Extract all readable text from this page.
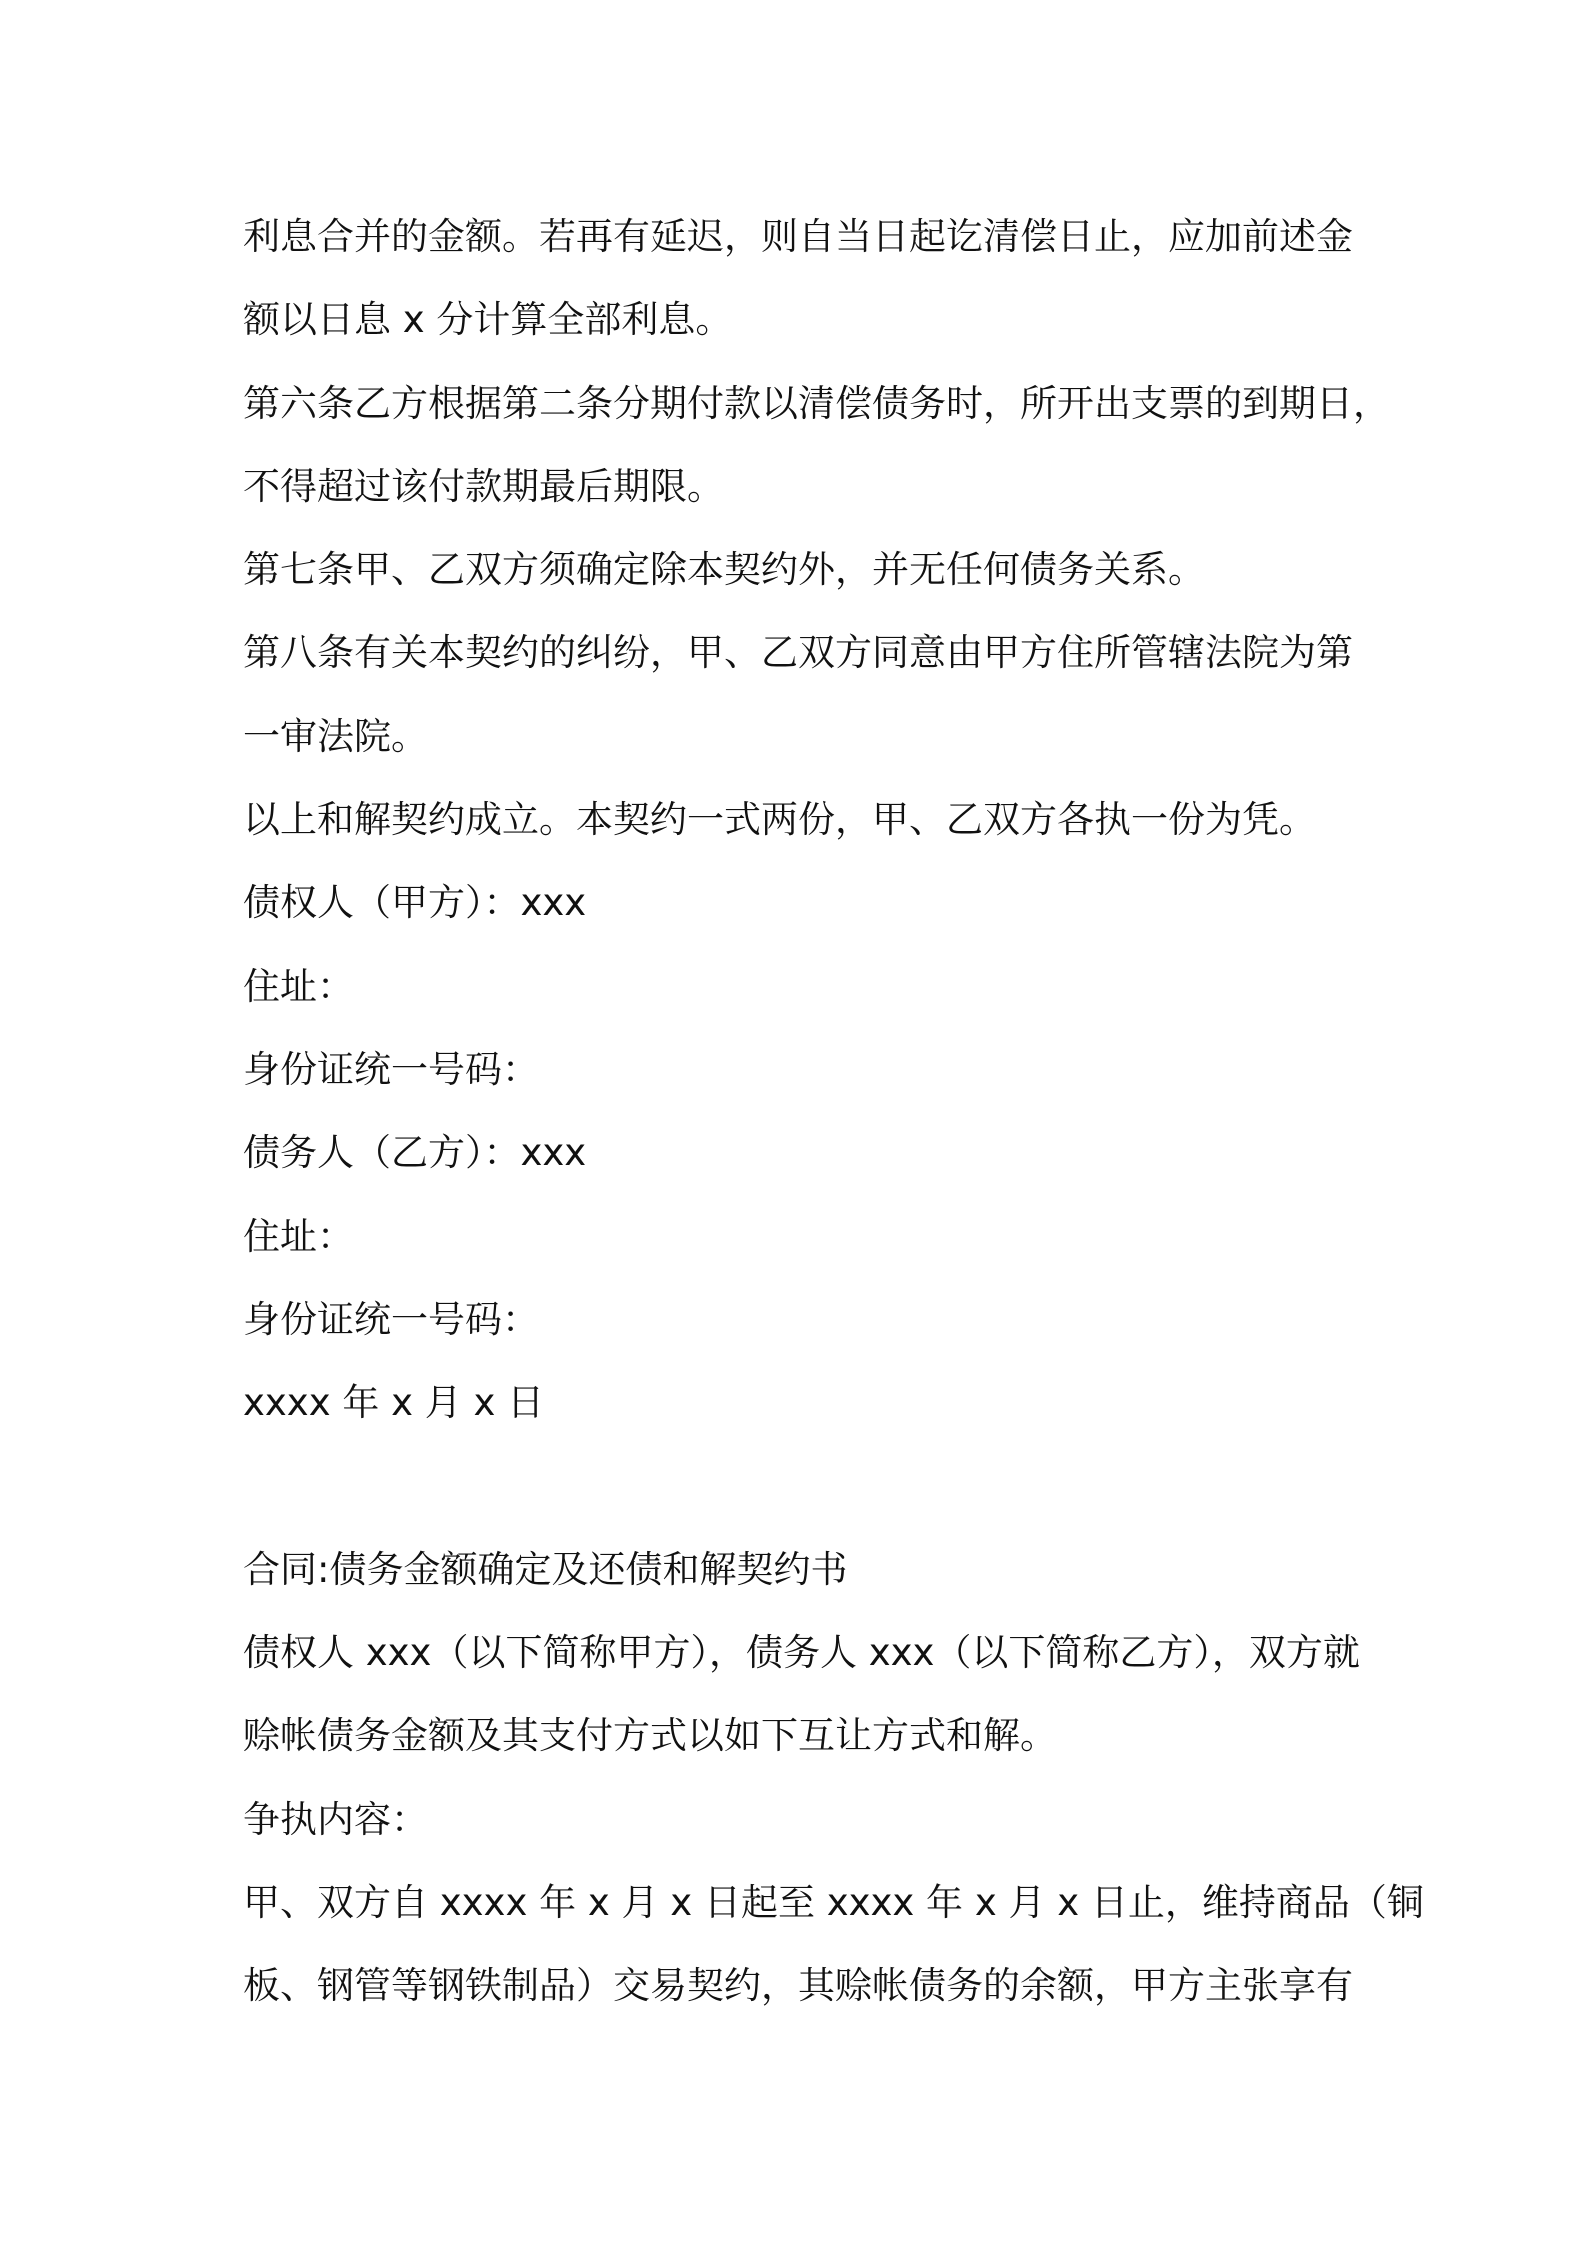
利息合并的金额。若再有延迟，则自当日起讫清偿日止，应加前述金
额以日息 x 分计算全部利息。
第六条乙方根据第二条分期付款以清偿债务时，所开出支票的到期日，
不得超过该付款期最后期限。
第七条甲、乙双方须确定除本契约外，并无任何债务关系。
第八条有关本契约的纠纷，甲、乙双方同意由甲方住所管辖法院为第
一审法院。
以上和解契约成立。本契约一式两份，甲、乙双方各执一份为凭。
债权人（甲方）：xxx
住址：
身份证统一号码：
债务人（乙方）：xxx
住址：
身份证统一号码：
xxxx 年 x 月 x 日
合同:债务金额确定及还债和解契约书
债权人 xxx（以下简称甲方），债务人 xxx（以下简称乙方），双方就
赊帐债务金额及其支付方式以如下互让方式和解。
争执内容：
甲、双方自 xxxx 年 x 月 x 日起至 xxxx 年 x 月 x 日止，维持商品（铜
板、钢管等钢铁制品）交易契约，其赊帐债务的余额，甲方主张享有
